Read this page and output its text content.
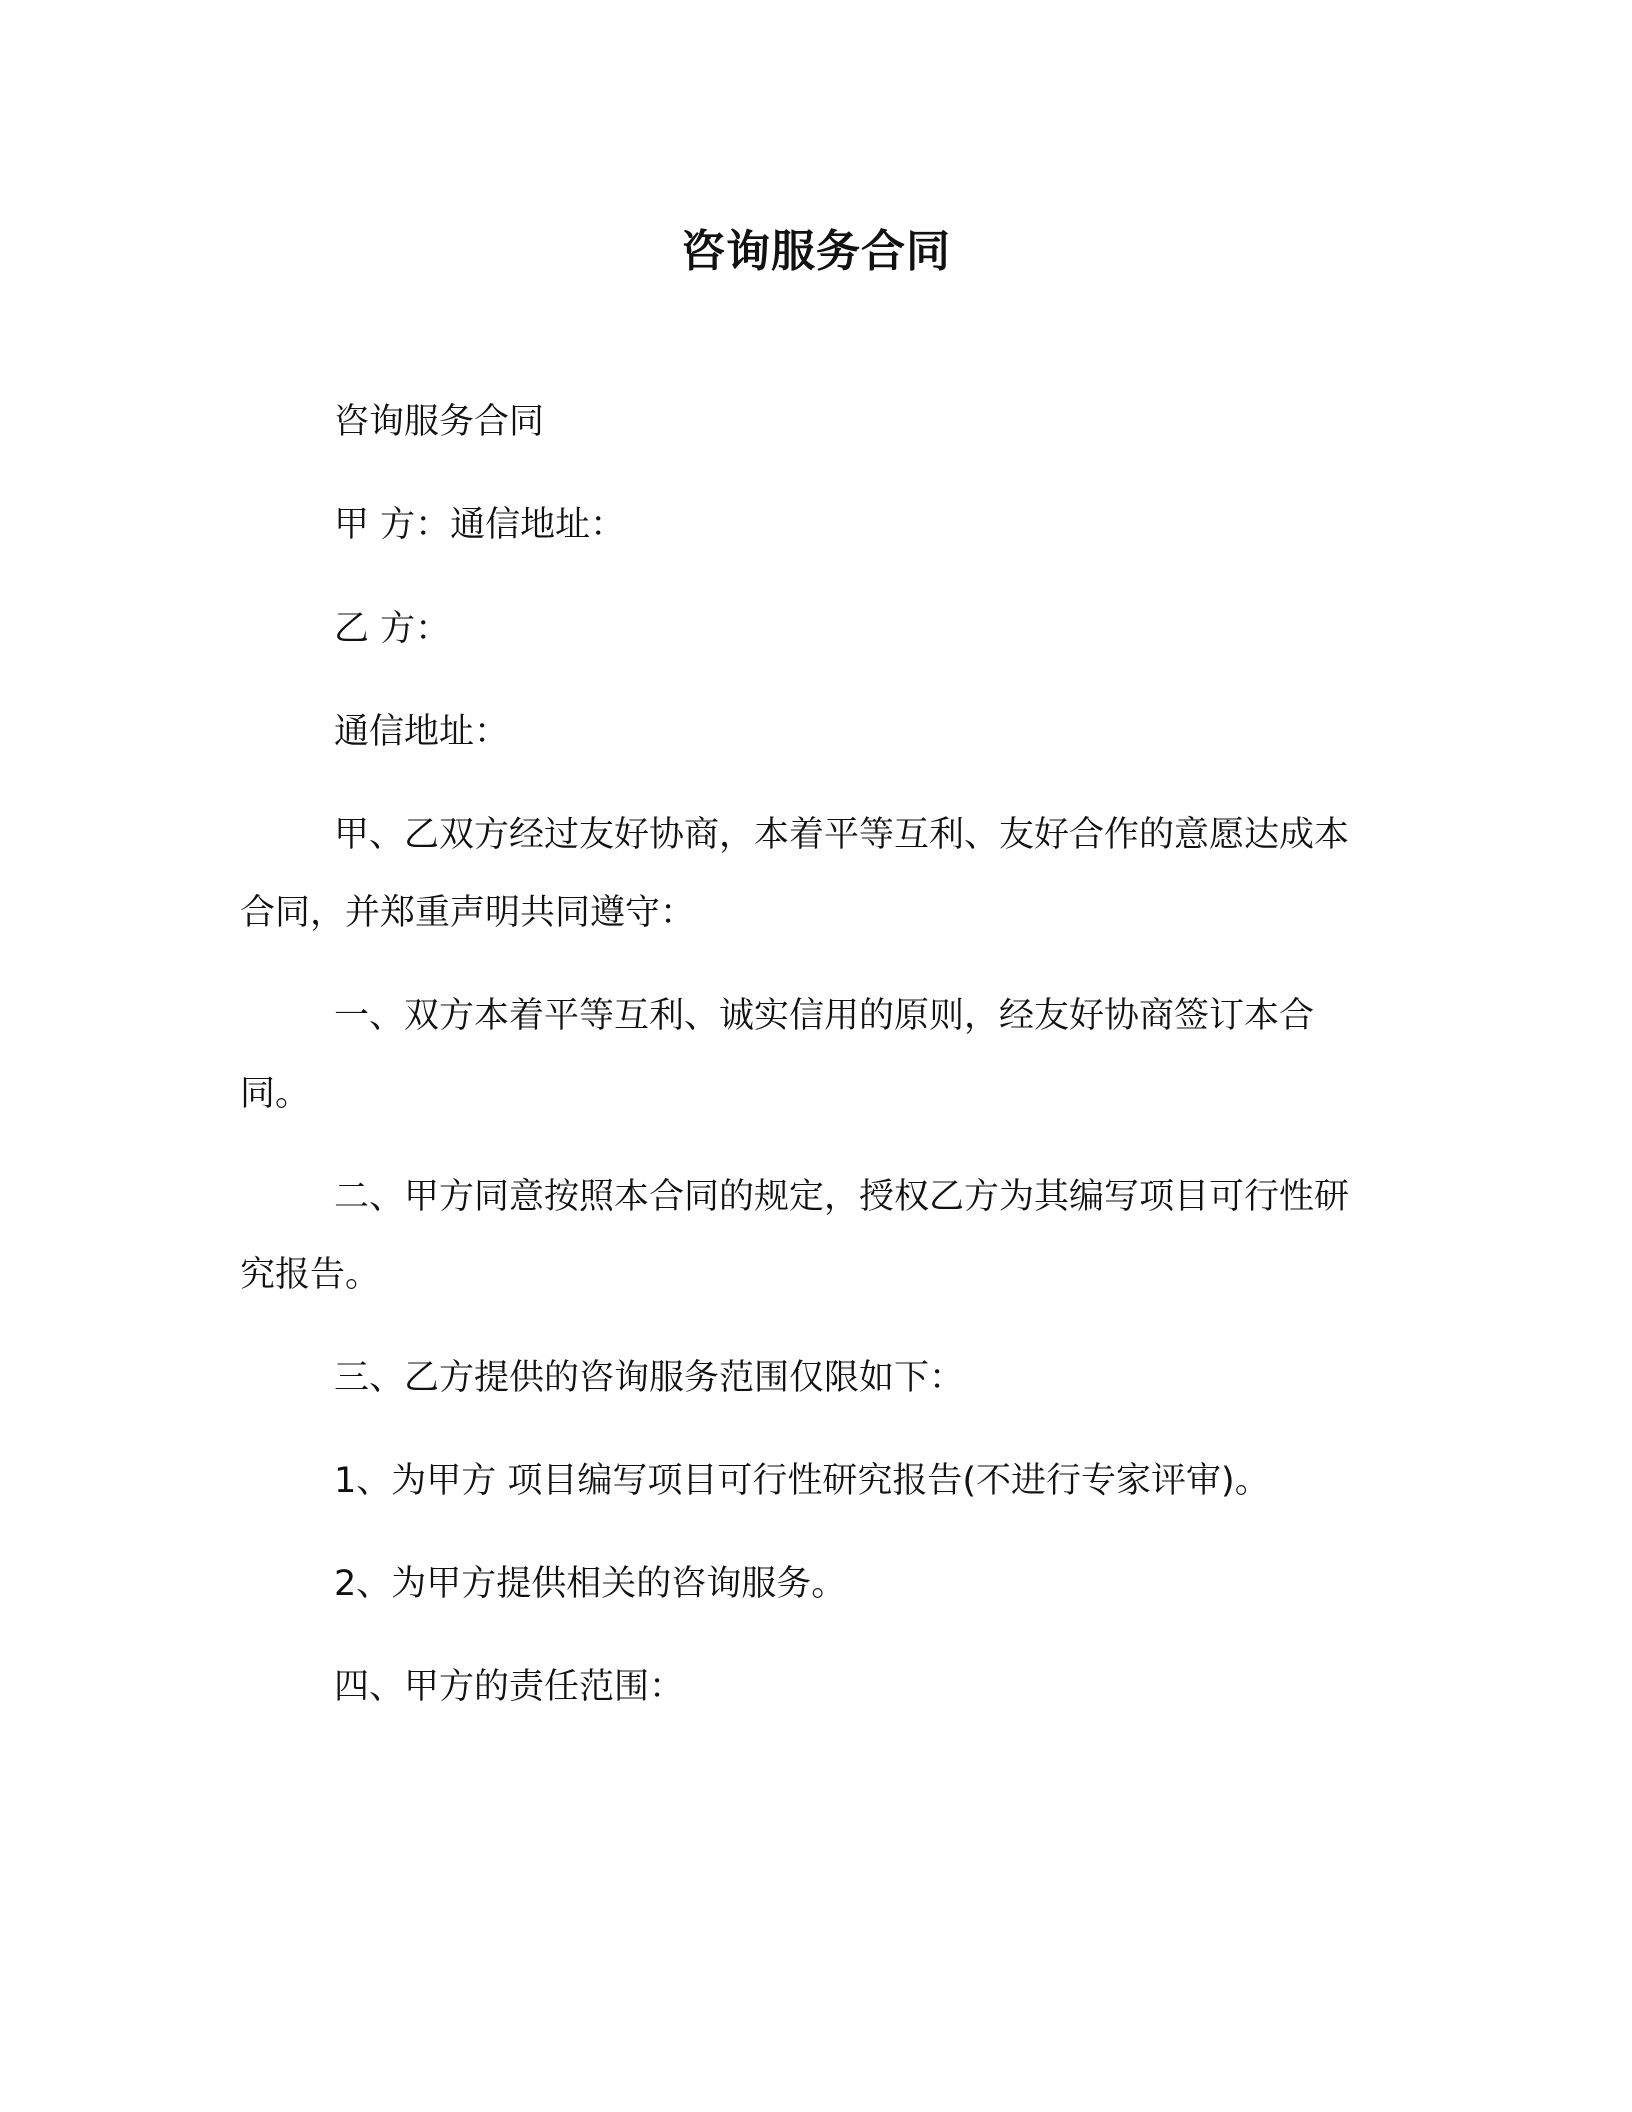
咨询服务合同

咨询服务合同

甲 方：通信地址：

乙 方：

通信地址：

甲、乙双方经过友好协商，本着平等互利、友好合作的意愿达成本合同，并郑重声明共同遵守：

一、双方本着平等互利、诚实信用的原则，经友好协商签订本合同。

二、甲方同意按照本合同的规定，授权乙方为其编写项目可行性研究报告。

三、乙方提供的咨询服务范围仅限如下：

1、为甲方 项目编写项目可行性研究报告(不进行专家评审)。

2、为甲方提供相关的咨询服务。

四、甲方的责任范围：
